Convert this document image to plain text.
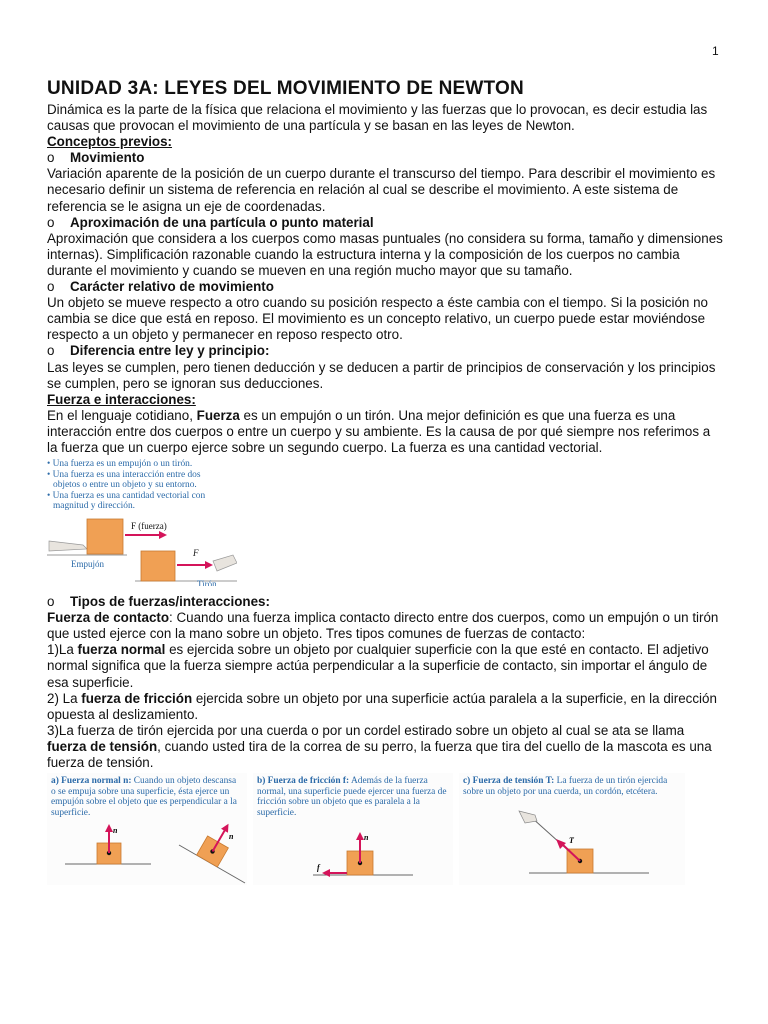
1
UNIDAD 3A: LEYES DEL MOVIMIENTO DE NEWTON

Dinámica es la parte de la física que relaciona el movimiento y las fuerzas que lo provocan, es decir estudia las causas que provocan el movimiento de una partícula y se basan en las leyes de Newton.

Conceptos previos:

o	Movimiento

Variación aparente de la posición de un cuerpo durante el transcurso del tiempo. Para describir el movimiento es necesario definir un sistema de referencia en relación al cual se describe el movimiento. A este sistema de referencia se le asigna un eje de coordenadas.

o	Aproximación de una partícula o punto material

Aproximación que considera a los cuerpos como masas puntuales (no considera su forma, tamaño y dimensiones internas). Simplificación razonable cuando la estructura interna y la composición de los cuerpos no cambia durante el movimiento y cuando se mueven en una región mucho mayor que su tamaño.

o	Carácter relativo de movimiento

Un objeto se mueve respecto a otro cuando su posición respecto a éste cambia con el tiempo. Si la posición no cambia se dice que está en reposo. El movimiento es un concepto relativo, un cuerpo puede estar moviéndose respecto a un objeto y permanecer en reposo respecto otro.

o	Diferencia entre ley y principio:

Las leyes se cumplen, pero tienen deducción y se deducen a partir de principios de conservación y los principios se cumplen, pero se ignoran sus deducciones.

Fuerza e interacciones:

En el lenguaje cotidiano, Fuerza es un empujón o un tirón. Una mejor definición es que una fuerza es una interacción entre dos cuerpos o entre un cuerpo y su ambiente. Es la causa de por qué siempre nos referimos a la fuerza que un cuerpo ejerce sobre un segundo cuerpo. La fuerza es una cantidad vectorial.

• Una fuerza es un empujón o un tirón.
• Una fuerza es una interacción entre dos
objetos o entre un objeto y su entorno.
• Una fuerza es una cantidad vectorial con
magnitud y dirección.
F (fuerza)
Empujón
F
Tirón
o	Tipos de fuerzas/interacciones:

Fuerza de contacto: Cuando una fuerza implica contacto directo entre dos cuerpos, como un empujón o un tirón que usted ejerce con la mano sobre un objeto. Tres tipos comunes de fuerzas de contacto:

1)La fuerza normal es ejercida sobre un objeto por cualquier superficie con la que esté en contacto. El adjetivo normal significa que la fuerza siempre actúa perpendicular a la superficie de contacto, sin importar el ángulo de esa superficie.

2) La fuerza de fricción ejercida sobre un objeto por una superficie actúa paralela a la superficie, en la dirección opuesta al deslizamiento.

3)La fuerza de tirón ejercida por una cuerda o por un cordel estirado sobre un objeto al cual se ata se llama fuerza de tensión, cuando usted tira de la correa de su perro, la fuerza que tira del cuello de la mascota es una fuerza de tensión.

a) Fuerza normal n: Cuando un objeto descansa o se empuja sobre una superficie, ésta ejerce un empujón sobre el objeto que es perpendicular a la superficie.
n
n
b) Fuerza de fricción f: Además de la fuerza normal, una superficie puede ejercer una fuerza de fricción sobre un objeto que es paralela a la superficie.
n
f
c) Fuerza de tensión T: La fuerza de un tirón ejercida sobre un objeto por una cuerda, un cordón, etcétera.
T
